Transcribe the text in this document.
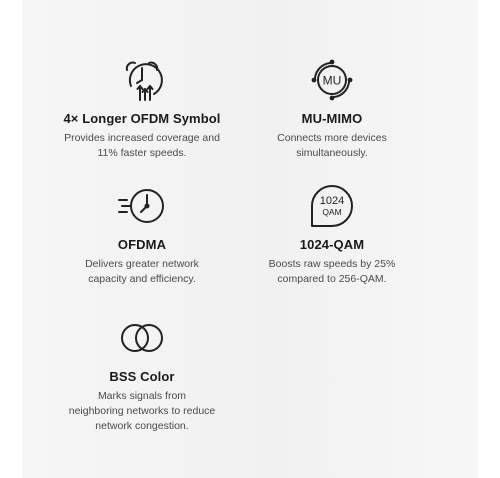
4× Longer OFDM Symbol
Provides increased coverage and
11% faster speeds.
MU
MU-MIMO
Connects more devices
simultaneously.
OFDMA
Delivers greater network
capacity and efficiency.
1024
QAM
1024-QAM
Boosts raw speeds by 25%
compared to 256-QAM.
BSS Color
Marks signals from
neighboring networks to reduce
network congestion.
